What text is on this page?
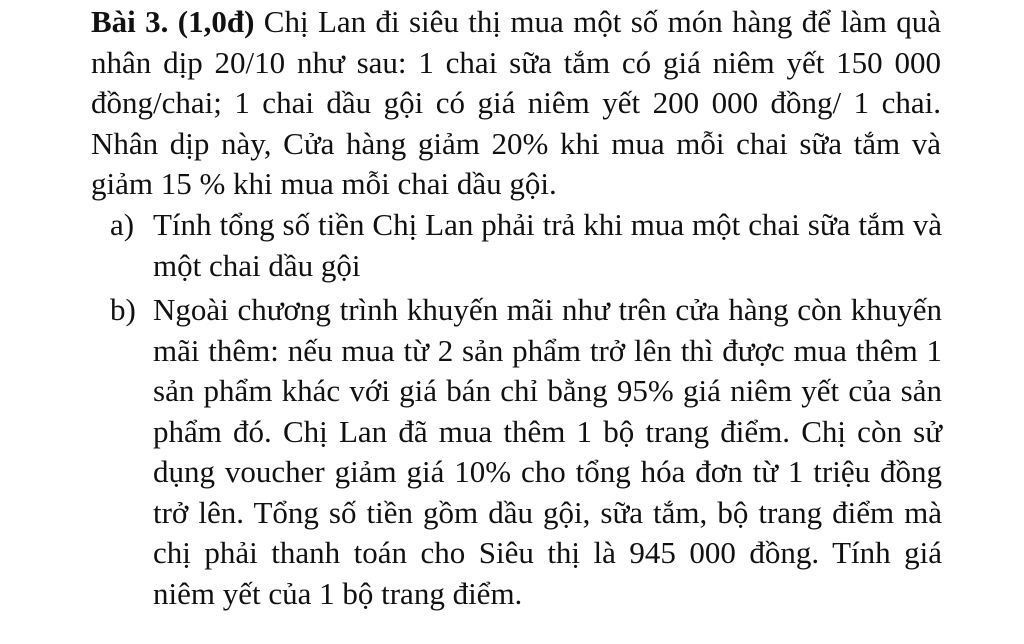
Bài 3. (1,0đ) Chị Lan đi siêu thị mua một số món hàng để làm quà nhân dịp 20/10 như sau: 1 chai sữa tắm có giá niêm yết 150 000 đồng/chai; 1 chai dầu gội có giá niêm yết 200 000 đồng/ 1 chai. Nhân dịp này, Cửa hàng giảm 20% khi mua mỗi chai sữa tắm và giảm 15 % khi mua mỗi chai dầu gội.

a) Tính tổng số tiền Chị Lan phải trả khi mua một chai sữa tắm và một chai dầu gội

b) Ngoài chương trình khuyến mãi như trên cửa hàng còn khuyến mãi thêm: nếu mua từ 2 sản phẩm trở lên thì được mua thêm 1 sản phẩm khác với giá bán chỉ bằng 95% giá niêm yết của sản phẩm đó. Chị Lan đã mua thêm 1 bộ trang điểm. Chị còn sử dụng voucher giảm giá 10% cho tổng hóa đơn từ 1 triệu đồng trở lên. Tổng số tiền gồm dầu gội, sữa tắm, bộ trang điểm mà chị phải thanh toán cho Siêu thị là 945 000 đồng. Tính giá niêm yết của 1 bộ trang điểm.
